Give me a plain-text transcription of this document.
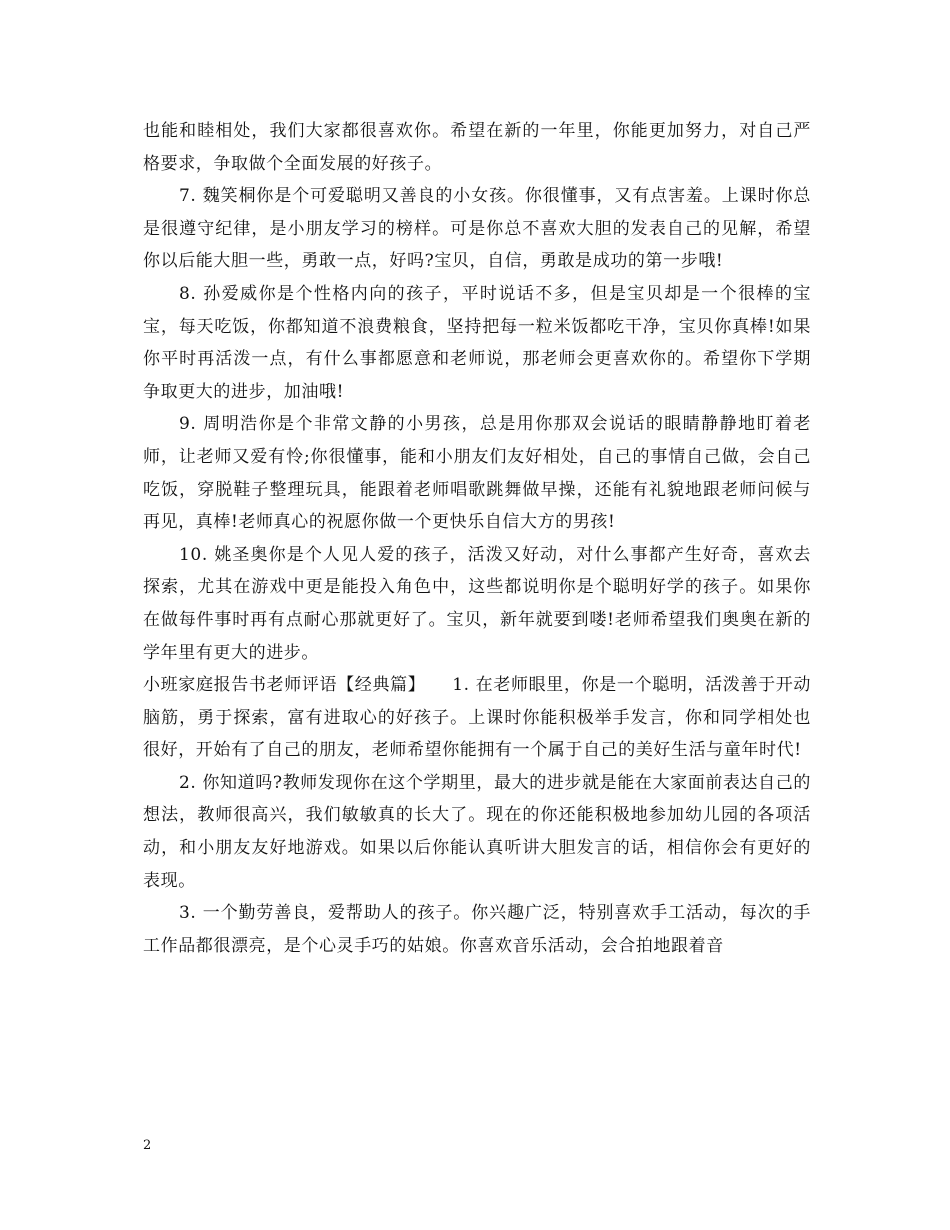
也能和睦相处，我们大家都很喜欢你。希望在新的一年里，你能更加努力，对自己严格要求，争取做个全面发展的好孩子。

7. 魏笑桐你是个可爱聪明又善良的小女孩。你很懂事，又有点害羞。上课时你总是很遵守纪律，是小朋友学习的榜样。可是你总不喜欢大胆的发表自己的见解，希望你以后能大胆一些，勇敢一点，好吗?宝贝，自信，勇敢是成功的第一步哦!

8. 孙爱威你是个性格内向的孩子，平时说话不多，但是宝贝却是一个很棒的宝宝，每天吃饭，你都知道不浪费粮食，坚持把每一粒米饭都吃干净，宝贝你真棒!如果你平时再活泼一点，有什么事都愿意和老师说，那老师会更喜欢你的。希望你下学期争取更大的进步，加油哦!

9. 周明浩你是个非常文静的小男孩，总是用你那双会说话的眼睛静静地盯着老师，让老师又爱有怜;你很懂事，能和小朋友们友好相处，自己的事情自己做，会自己吃饭，穿脱鞋子整理玩具，能跟着老师唱歌跳舞做早操，还能有礼貌地跟老师问候与再见，真棒!老师真心的祝愿你做一个更快乐自信大方的男孩!

10. 姚圣奥你是个人见人爱的孩子，活泼又好动，对什么事都产生好奇，喜欢去探索，尤其在游戏中更是能投入角色中，这些都说明你是个聪明好学的孩子。如果你在做每件事时再有点耐心那就更好了。宝贝，新年就要到喽!老师希望我们奥奥在新的学年里有更大的进步。

小班家庭报告书老师评语【经典篇】　　1. 在老师眼里，你是一个聪明，活泼善于开动脑筋，勇于探索，富有进取心的好孩子。上课时你能积极举手发言，你和同学相处也很好，开始有了自己的朋友，老师希望你能拥有一个属于自己的美好生活与童年时代!

2. 你知道吗?教师发现你在这个学期里，最大的进步就是能在大家面前表达自己的想法，教师很高兴，我们敏敏真的长大了。现在的你还能积极地参加幼儿园的各项活动，和小朋友友好地游戏。如果以后你能认真听讲大胆发言的话，相信你会有更好的表现。

3. 一个勤劳善良，爱帮助人的孩子。你兴趣广泛，特别喜欢手工活动，每次的手工作品都很漂亮，是个心灵手巧的姑娘。你喜欢音乐活动，会合拍地跟着音

2
